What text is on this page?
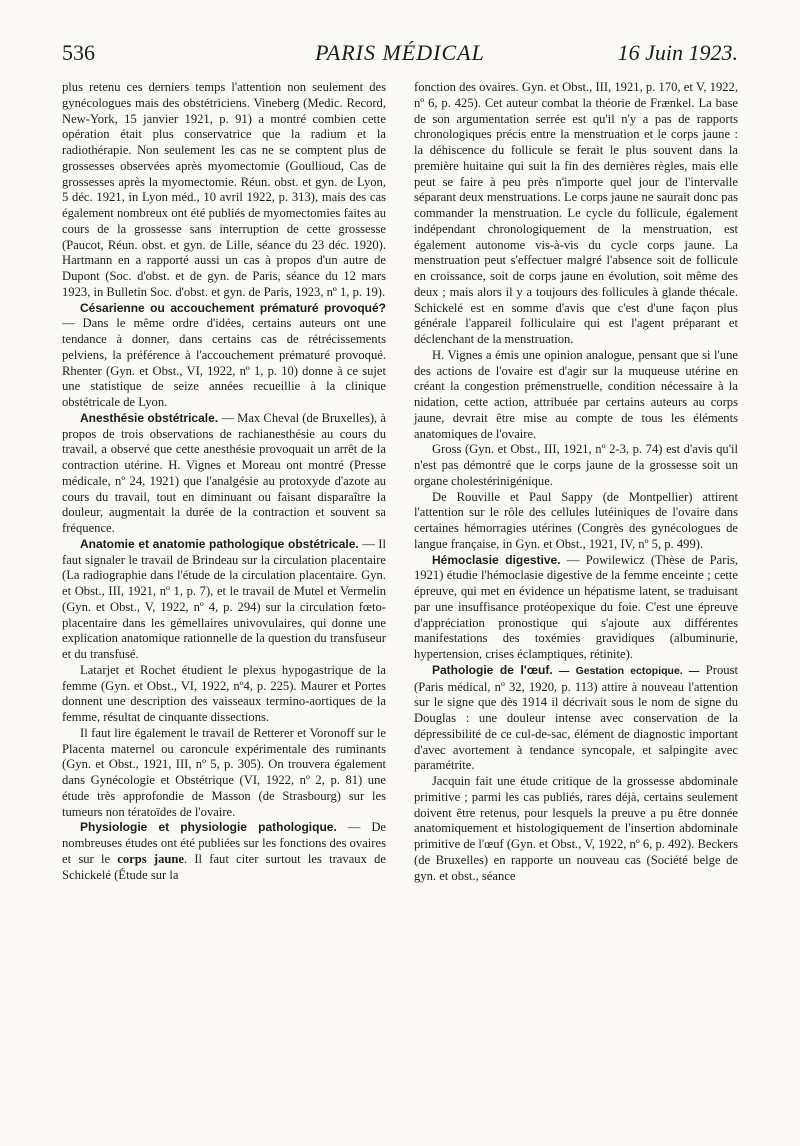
536	PARIS MÉDICAL	16 Juin 1923.

plus retenu ces derniers temps l'attention non seulement des gynécologues mais des obstétriciens. Vineberg (Medic. Record, New-York, 15 janvier 1921, p. 91) a montré combien cette opération était plus conservatrice que la radium et la radiothérapie. Non seulement les cas ne se comptent plus de grossesses observées après myomectomie (Goullioud, Cas de grossesses après la myomectomie. Réun. obst. et gyn. de Lyon, 5 déc. 1921, in Lyon méd., 10 avril 1922, p. 313), mais des cas également nombreux ont été publiés de myomectomies faites au cours de la grossesse sans interruption de cette grossesse (Paucot, Réun. obst. et gyn. de Lille, séance du 23 déc. 1920). Hartmann en a rapporté aussi un cas à propos d'un autre de Dupont (Soc. d'obst. et de gyn. de Paris, séance du 12 mars 1923, in Bulletin Soc. d'obst. et gyn. de Paris, 1923, nº 1, p. 19).

Césarienne ou accouchement prématuré provoqué? — Dans le même ordre d'idées, certains auteurs ont une tendance à donner, dans certains cas de rétrécissements pelviens, la préférence à l'accouchement prématuré provoqué. Rhenter (Gyn. et Obst., VI, 1922, nº 1, p. 10) donne à ce sujet une statistique de seize années recueillie à la clinique obstétricale de Lyon.

Anesthésie obstétricale. — Max Cheval (de Bruxelles), à propos de trois observations de rachianesthésie au cours du travail, a observé que cette anesthésie provoquait un arrêt de la contraction utérine. H. Vignes et Moreau ont montré (Presse médicale, nº 24, 1921) que l'analgésie au protoxyde d'azote au cours du travail, tout en diminuant ou faisant disparaître la douleur, augmentait la durée de la contraction et souvent sa fréquence.

Anatomie et anatomie pathologique obstétricale. — Il faut signaler le travail de Brindeau sur la circulation placentaire (La radiographie dans l'étude de la circulation placentaire. Gyn. et Obst., III, 1921, nº 1, p. 7), et le travail de Mutel et Vermelin (Gyn. et Obst., V, 1922, nº 4, p. 294) sur la circulation fœto-placentaire dans les gémellaires univovulaires, qui donne une explication anatomique rationnelle de la question du transfuseur et du transfusé.

Latarjet et Rochet étudient le plexus hypogastrique de la femme (Gyn. et Obst., VI, 1922, nº4, p. 225). Maurer et Portes donnent une description des vaisseaux termino-aortiques de la femme, résultat de cinquante dissections.

Il faut lire également le travail de Retterer et Voronoff sur le Placenta maternel ou caroncule expérimentale des ruminants (Gyn. et Obst., 1921, III, nº 5, p. 305). On trouvera également dans Gynécologie et Obstétrique (VI, 1922, nº 2, p. 81) une étude très approfondie de Masson (de Strasbourg) sur les tumeurs non tératoïdes de l'ovaire.

Physiologie et physiologie pathologique. — De nombreuses études ont été publiées sur les fonctions des ovaires et sur le corps jaune. Il faut citer surtout les travaux de Schickelé (Étude sur la

fonction des ovaires. Gyn. et Obst., III, 1921, p. 170, et V, 1922, nº 6, p. 425). Cet auteur combat la théorie de Frænkel. La base de son argumentation serrée est qu'il n'y a pas de rapports chronologiques précis entre la menstruation et le corps jaune : la déhiscence du follicule se ferait le plus souvent dans la première huitaine qui suit la fin des dernières règles, mais elle peut se faire à peu près n'importe quel jour de l'intervalle séparant deux menstruations. Le corps jaune ne saurait donc pas commander la menstruation. Le cycle du follicule, également indépendant chronologiquement de la menstruation, est également autonome vis-à-vis du cycle corps jaune. La menstruation peut s'effectuer malgré l'absence soit de follicule en croissance, soit de corps jaune en évolution, soit même des deux ; mais alors il y a toujours des follicules à glande thécale. Schickelé est en somme d'avis que c'est d'une façon plus générale l'appareil folliculaire qui est l'agent préparant et déclenchant de la menstruation.

H. Vignes a émis une opinion analogue, pensant que si l'une des actions de l'ovaire est d'agir sur la muqueuse utérine en créant la congestion prémenstruelle, condition nécessaire à la nidation, cette action, attribuée par certains auteurs au corps jaune, devrait être mise au compte de tous les éléments anatomiques de l'ovaire.

Gross (Gyn. et Obst., III, 1921, nº 2-3, p. 74) est d'avis qu'il n'est pas démontré que le corps jaune de la grossesse soit un organe cholestérinigénique.

De Rouville et Paul Sappy (de Montpellier) attirent l'attention sur le rôle des cellules lutéiniques de l'ovaire dans certaines hémorragies utérines (Congrès des gynécologues de langue française, in Gyn. et Obst., 1921, IV, nº 5, p. 499).

Hémoclasie digestive. — Powilewicz (Thèse de Paris, 1921) étudie l'hémoclasie digestive de la femme enceinte ; cette épreuve, qui met en évidence un hépatisme latent, se traduisant par une insuffisance protéopexique du foie. C'est une épreuve d'appréciation pronostique qui s'ajoute aux différentes manifestations des toxémies gravidiques (albuminurie, hypertension, crises éclamptiques, rétinite).

Pathologie de l'œuf. — Gestation ectopique. — Proust (Paris médical, nº 32, 1920, p. 113) attire à nouveau l'attention sur le signe que dès 1914 il décrivait sous le nom de signe du Douglas : une douleur intense avec conservation de la dépressibilité de ce cul-de-sac, élément de diagnostic important d'avec avortement à tendance syncopale, et salpingite avec paramétrite.

Jacquin fait une étude critique de la grossesse abdominale primitive ; parmi les cas publiés, rares déjà, certains seulement doivent être retenus, pour lesquels la preuve a pu être donnée anatomiquement et histologiquement de l'insertion abdominale primitive de l'œuf (Gyn. et Obst., V, 1922, nº 6, p. 492). Beckers (de Bruxelles) en rapporte un nouveau cas (Société belge de gyn. et obst., séance
